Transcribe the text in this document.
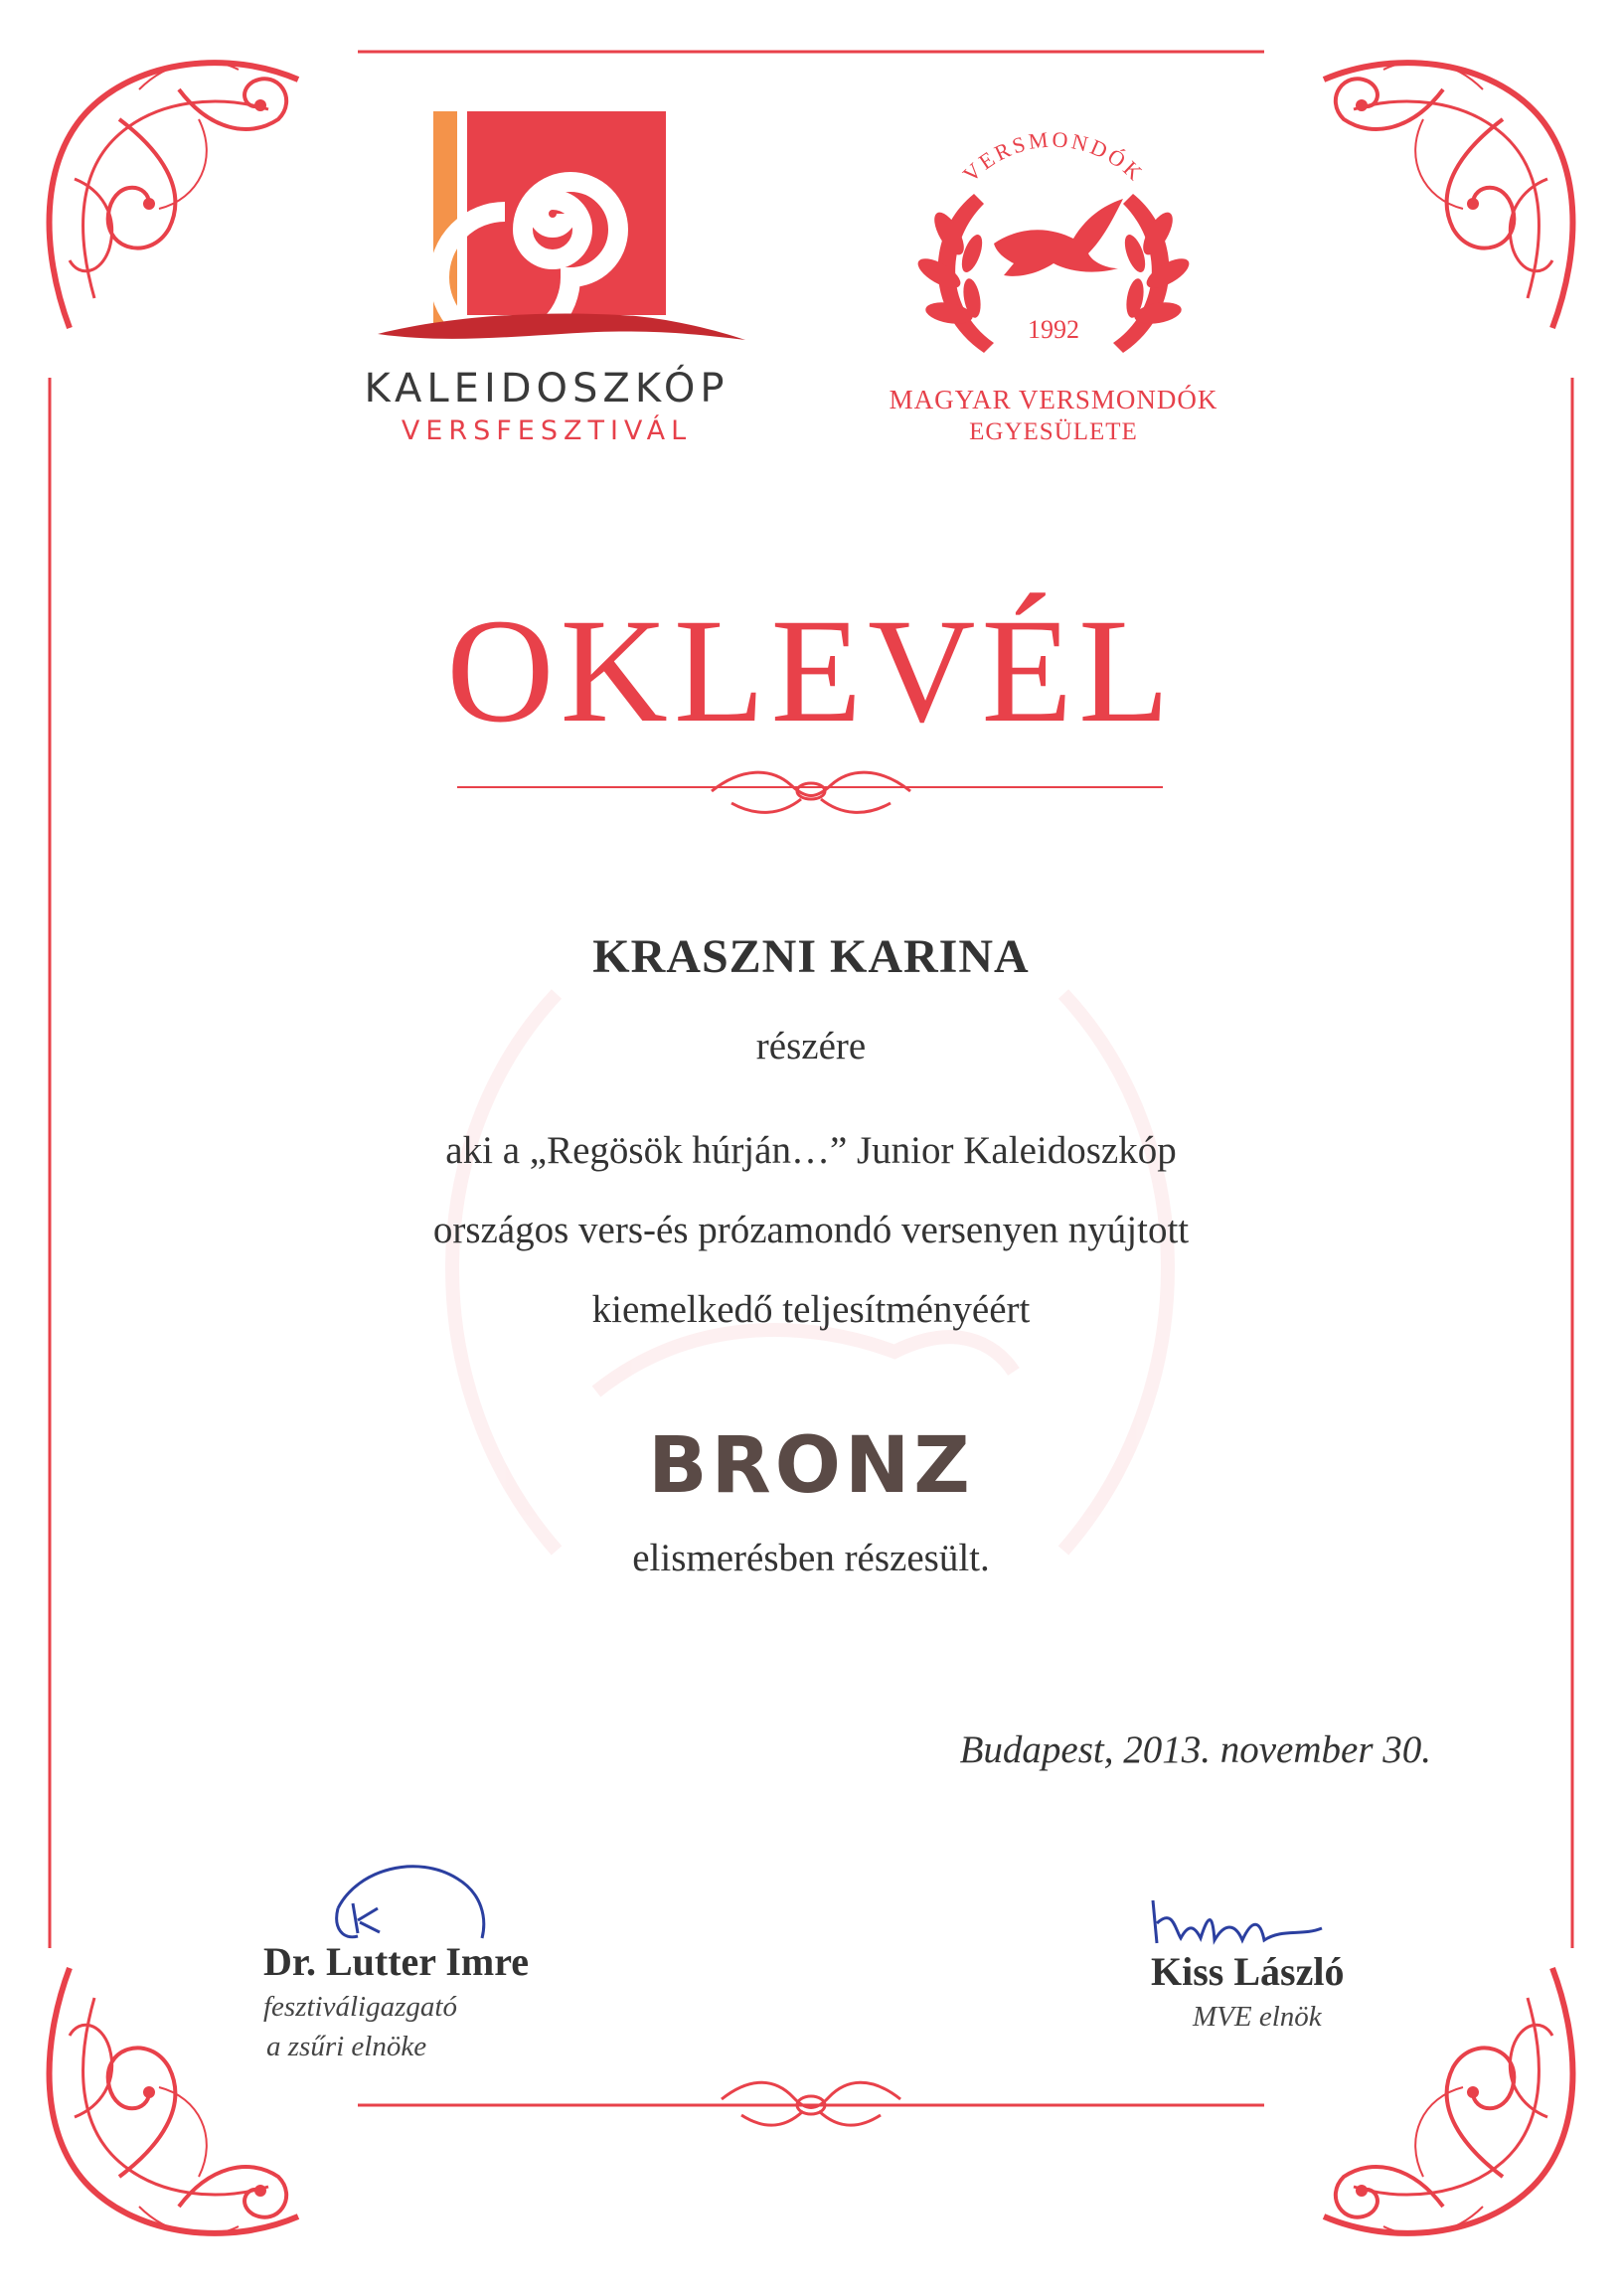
KALEIDOSZKÓP
VERSFESZTIVÁL
VERSMONDÓK
1992
MAGYAR VERSMONDÓK
EGYESÜLETE
OKLEVÉL
KRASZNI KARINA
részére
aki a „Regösök húrján…” Junior Kaleidoszkóp
országos vers-és prózamondó versenyen nyújtott
kiemelkedő teljesítményéért
BRONZ
elismerésben részesült.
Budapest, 2013. november 30.
Dr. Lutter Imre
fesztiváligazgató
a zsűri elnöke
Kiss László
MVE elnök
